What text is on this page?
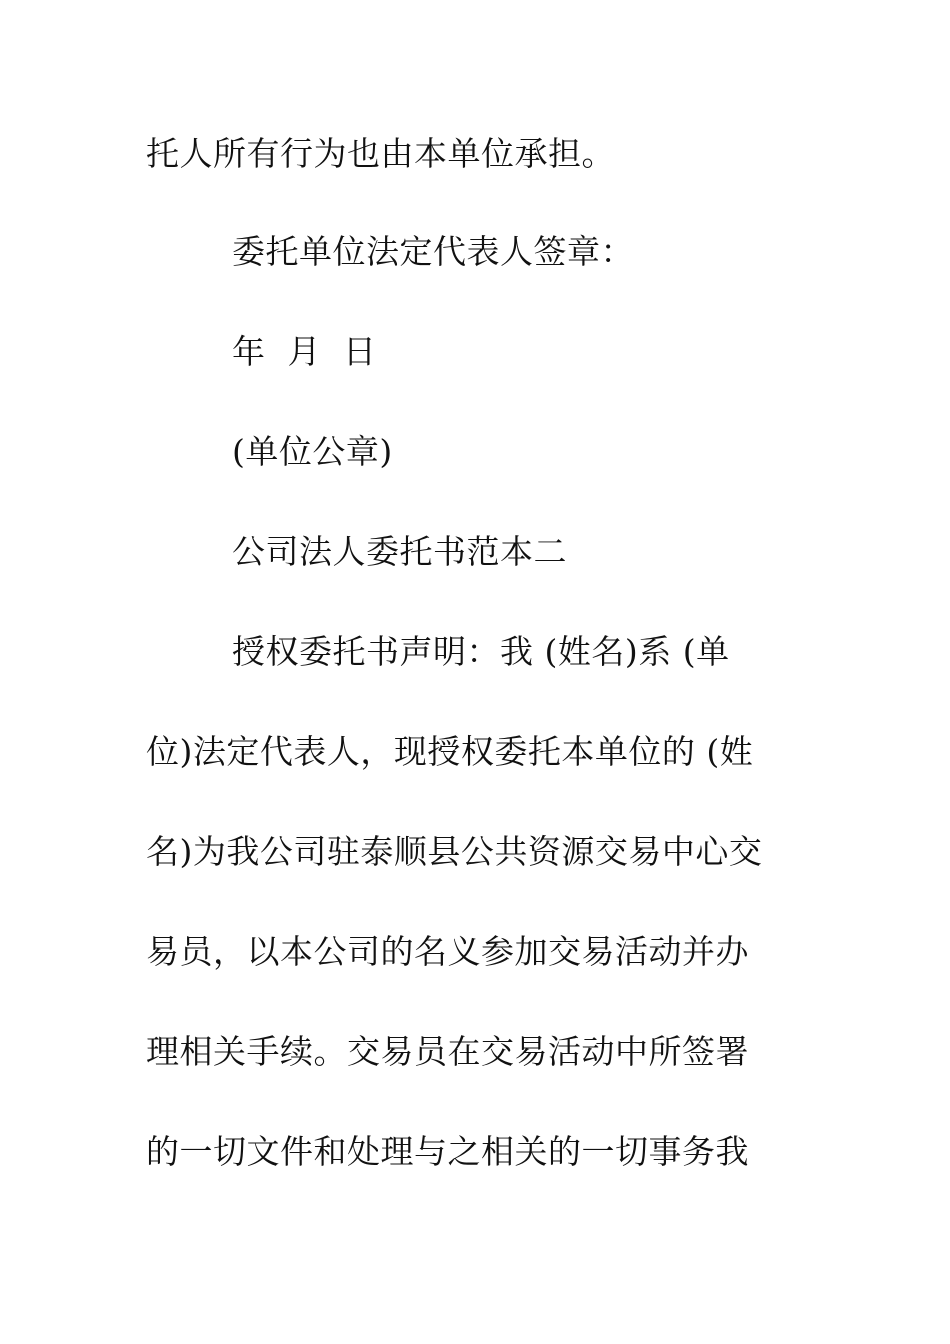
托人所有行为也由本单位承担。
委托单位法定代表人签章：
年 月 日
(单位公章)
公司法人委托书范本二
授权委托书声明：我 (姓名)系 (单
位)法定代表人，现授权委托本单位的 (姓
名)为我公司驻泰顺县公共资源交易中心交
易员，以本公司的名义参加交易活动并办
理相关手续。交易员在交易活动中所签署
的一切文件和处理与之相关的一切事务我
